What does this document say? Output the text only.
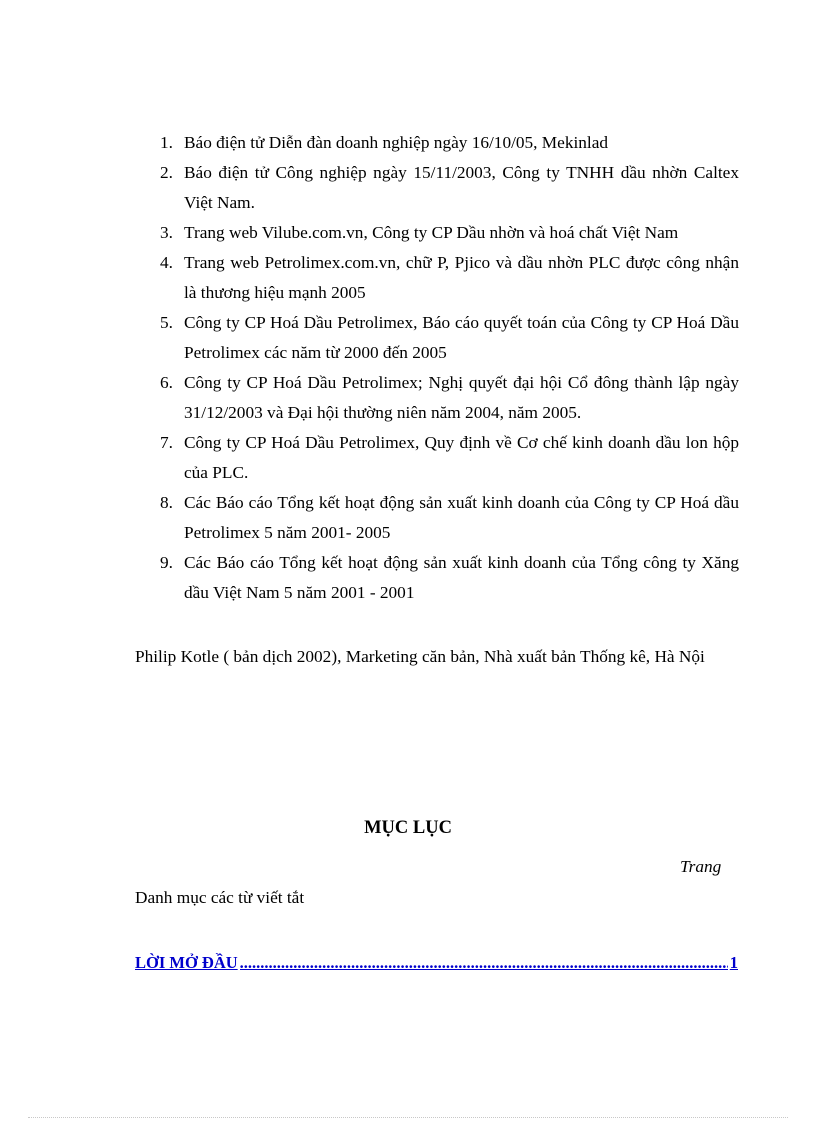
1. Báo điện tử Diễn đàn doanh nghiệp ngày 16/10/05, Mekinlad
2. Báo điện tử Công nghiệp ngày 15/11/2003, Công ty TNHH dầu nhờn Caltex Việt Nam.
3. Trang web Vilube.com.vn, Công ty CP Dầu nhờn và hoá chất Việt Nam
4. Trang web Petrolimex.com.vn, chữ P, Pjico và dầu nhờn PLC được công nhận là thương hiệu mạnh 2005
5. Công ty CP Hoá Dầu Petrolimex, Báo cáo quyết toán của Công ty CP Hoá Dầu Petrolimex các năm từ 2000 đến 2005
6. Công ty CP Hoá Dầu Petrolimex; Nghị quyết đại hội Cổ đông thành lập ngày 31/12/2003 và Đại hội thường niên năm 2004, năm 2005.
7. Công ty CP Hoá Dầu Petrolimex, Quy định về Cơ chế kinh doanh dầu lon hộp của PLC.
8. Các Báo cáo Tổng kết hoạt động sản xuất kinh doanh của Công ty CP Hoá dầu Petrolimex 5 năm 2001- 2005
9. Các Báo cáo Tổng kết hoạt động sản xuất kinh doanh của Tổng công ty Xăng dầu Việt Nam 5 năm 2001 - 2001
Philip Kotle ( bản dịch 2002), Marketing căn bản, Nhà xuất bản Thống kê, Hà Nội
MỤC LỤC
Trang
Danh mục các từ viết tắt
LỜI MỞ ĐẦU
.....	1
